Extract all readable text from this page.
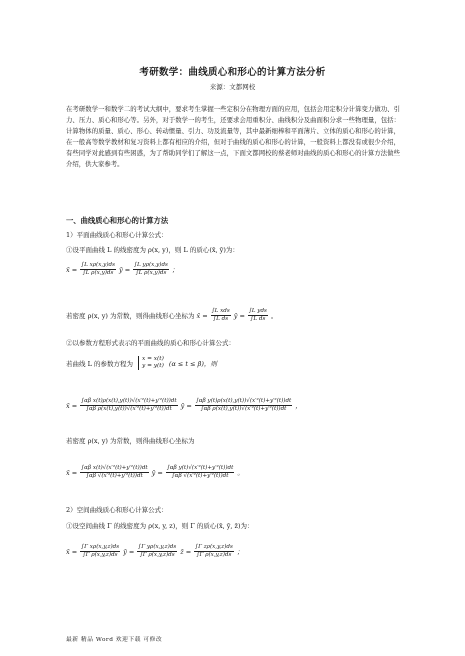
考研数学：曲线质心和形心的计算方法分析
来源：文都网校

在考研数学一和数学二的考试大纲中，要求考生掌握一些定积分在物理方面的应用，包括会用定积分计算变力做功、引力、压力、质心和形心等。另外，对于数学一的考生，还要求会用重积分、曲线积分及曲面积分求一些物理量，包括：计算物体的质量、质心、形心、转动惯量、引力、功及流量等，其中最新细棒和平面薄片、立体的质心和形心的计算，在一般高等数学教材和复习资料上都有相应的介绍，但对于曲线的质心和形心的计算，一般资料上都没有或很少介绍，有些同学对此感到有些困惑，为了帮助同学们了解这一点，下面文都网校的蔡老师对曲线的质心和形心的计算方法做些介绍，供大家参考。

一、曲线质心和形心的计算方法
1）平面曲线质心和形心计算公式：
①设平面曲线 L 的线密度为 ρ(x, y)，则 L 的质心(x̄, ȳ)为：
x̄ = $\frac{\text{∫L xρ(x,y)ds}}{\text{∫L ρ(x,y)ds}}$ ȳ = $\frac{\text{∫L yρ(x,y)ds}}{\text{∫L ρ(x,y)ds}}$ ；
若密度 ρ(x, y) 为常数，则得曲线形心坐标为 x̄ = $\frac{\text{∫L xds}}{\text{∫L ds}}$ ȳ = $\frac{\text{∫L yds}}{\text{∫L ds}}$ 。
②以参数方程形式表示的平面曲线的质心和形心计算公式：
若曲线 L 的参数方程为
x = x(t)
y = y(t) (α ≤ t ≤ β)，则
x̄ = $\frac{\text{∫αβ x(t)ρ(x(t),y(t))√(x′²(t)+y′²(t))dt}}{\text{∫αβ ρ(x(t),y(t))√(x′²(t)+y′²(t))dt}}$ ȳ = $\frac{\text{∫αβ y(t)ρ(x(t),y(t))√(x′²(t)+y′²(t))dt}}{\text{∫αβ ρ(x(t),y(t))√(x′²(t)+y′²(t))dt}}$ ，
若密度 ρ(x, y) 为常数，则得曲线形心坐标为
x̄ = $\frac{\text{∫αβ x(t)√(x′²(t)+y′²(t))dt}}{\text{∫αβ √(x′²(t)+y′²(t))dt}}$ ȳ = $\frac{\text{∫αβ y(t)√(x′²(t)+y′²(t))dt}}{\text{∫αβ √(x′²(t)+y′²(t))dt}}$ 。
2）空间曲线质心和形心计算公式：
①设空间曲线 Γ 的线密度为 ρ(x, y, z)，则 Γ 的质心(x̄, ȳ, z̄)为：
x̄ = $\frac{\text{∫Γ xρ(x,y,z)ds}}{\text{∫Γ ρ(x,y,z)ds}}$ ȳ = $\frac{\text{∫Γ yρ(x,y,z)ds}}{\text{∫Γ ρ(x,y,z)ds}}$ z̄ = $\frac{\text{∫Γ zρ(x,y,z)ds}}{\text{∫Γ ρ(x,y,z)ds}}$ ；
最新 精品 Word 欢迎下载 可修改
